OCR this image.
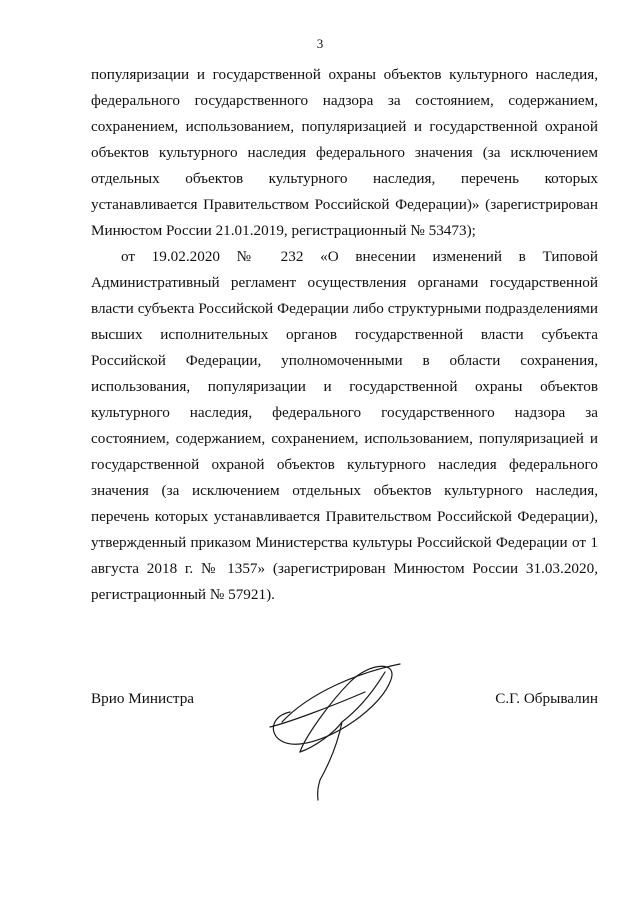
3

популяризации и государственной охраны объектов культурного наследия, федерального государственного надзора за состоянием, содержанием, сохранением, использованием, популяризацией и государственной охраной объектов культурного наследия федерального значения (за исключением отдельных объектов культурного наследия, перечень которых устанавливается Правительством Российской Федерации)» (зарегистрирован Минюстом России 21.01.2019, регистрационный № 53473);

от 19.02.2020 № 232 «О внесении изменений в Типовой Административный регламент осуществления органами государственной власти субъекта Российской Федерации либо структурными подразделениями высших исполнительных органов государственной власти субъекта Российской Федерации, уполномоченными в области сохранения, использования, популяризации и государственной охраны объектов культурного наследия, федерального государственного надзора за состоянием, содержанием, сохранением, использованием, популяризацией и государственной охраной объектов культурного наследия федерального значения (за исключением отдельных объектов культурного наследия, перечень которых устанавливается Правительством Российской Федерации), утвержденный приказом Министерства культуры Российской Федерации от 1 августа 2018 г. № 1357» (зарегистрирован Минюстом России 31.03.2020, регистрационный № 57921).

Врио Министра	С.Г. Обрывалин
